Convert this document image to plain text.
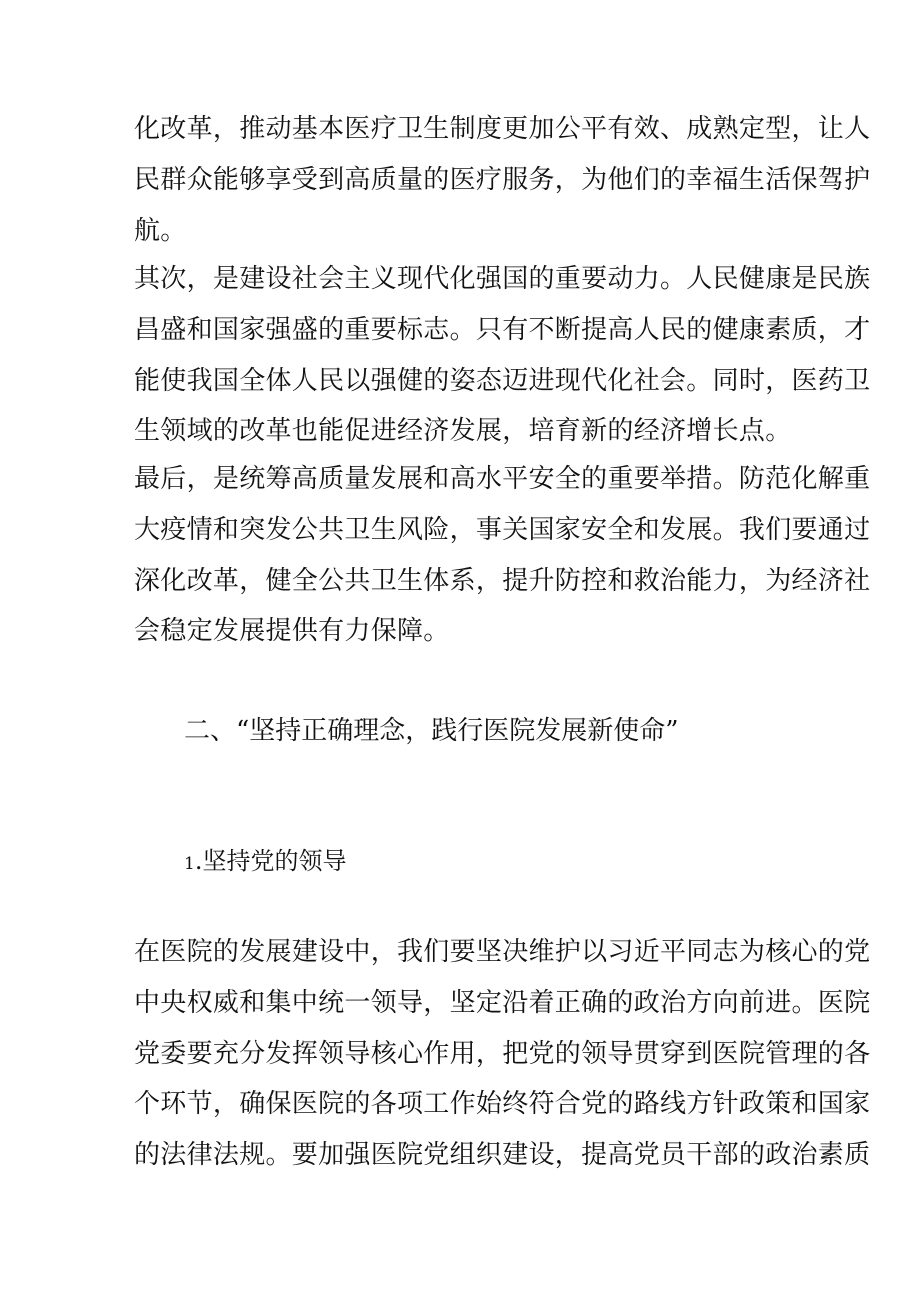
化改革，推动基本医疗卫生制度更加公平有效、成熟定型，让人

民群众能够享受到高质量的医疗服务，为他们的幸福生活保驾护

航。

其次，是建设社会主义现代化强国的重要动力。人民健康是民族

昌盛和国家强盛的重要标志。只有不断提高人民的健康素质，才

能使我国全体人民以强健的姿态迈进现代化社会。同时，医药卫

生领域的改革也能促进经济发展，培育新的经济增长点。

最后，是统筹高质量发展和高水平安全的重要举措。防范化解重

大疫情和突发公共卫生风险，事关国家安全和发展。我们要通过

深化改革，健全公共卫生体系，提升防控和救治能力，为经济社

会稳定发展提供有力保障。

二、“坚持正确理念，践行医院发展新使命”
1.坚持党的领导

在医院的发展建设中，我们要坚决维护以习近平同志为核心的党

中央权威和集中统一领导，坚定沿着正确的政治方向前进。医院

党委要充分发挥领导核心作用，把党的领导贯穿到医院管理的各

个环节，确保医院的各项工作始终符合党的路线方针政策和国家

的法律法规。要加强医院党组织建设，提高党员干部的政治素质
